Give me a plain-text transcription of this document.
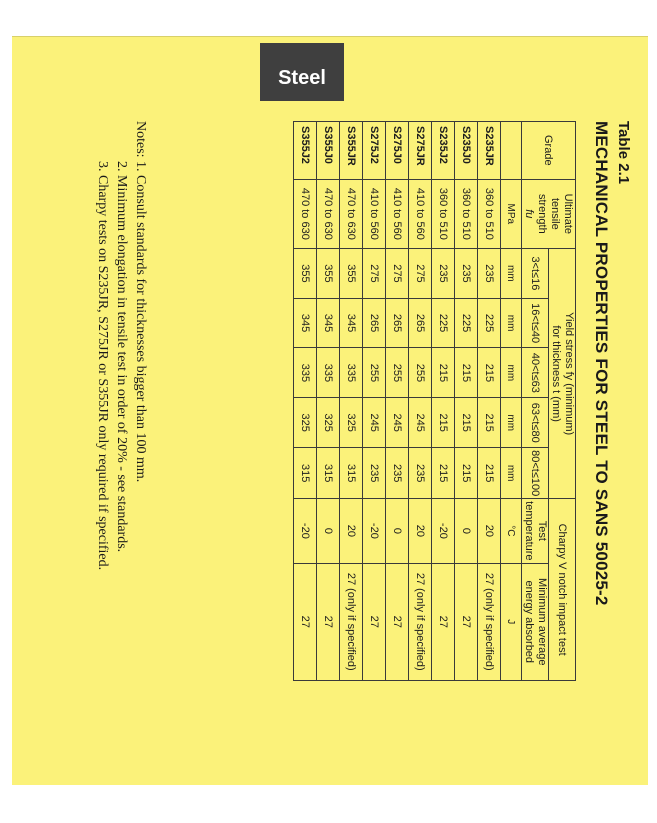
Steel
Table 2.1
MECHANICAL PROPERTIES FOR STEEL TO SANS 50025-2
Grade	Ultimate
tensile
strength
fu	Yield stress fy (minimum)
for thickness t (mm)					Charpy V notch impact test	
		3<t≤16	16<t≤40	40<t≤63	63<t≤80	80<t≤100	Test
temperature	Minimum average
energy absorbed
	MPa	mm	mm	mm	mm	mm	°C	J
S235JR	360 to 510	235	225	215	215	215	20	27 (only if specified)
S235J0	360 to 510	235	225	215	215	215	0	27
S235J2	360 to 510	235	225	215	215	215	-20	27
S275JR	410 to 560	275	265	255	245	235	20	27 (only if specified)
S275J0	410 to 560	275	265	255	245	235	0	27
S275J2	410 to 560	275	265	255	245	235	-20	27
S355JR	470 to 630	355	345	335	325	315	20	27 (only if specified)
S355J0	470 to 630	355	345	335	325	315	0	27
S355J2	470 to 630	355	345	335	325	315	-20	27
Notes: 1. Consult standards for thicknesses bigger than 100 mm.
2. Minimum elongation in tensile test in order of 20% - see standards.
3. Charpy tests on S235JR, S275JR or S355JR only required if specified.
